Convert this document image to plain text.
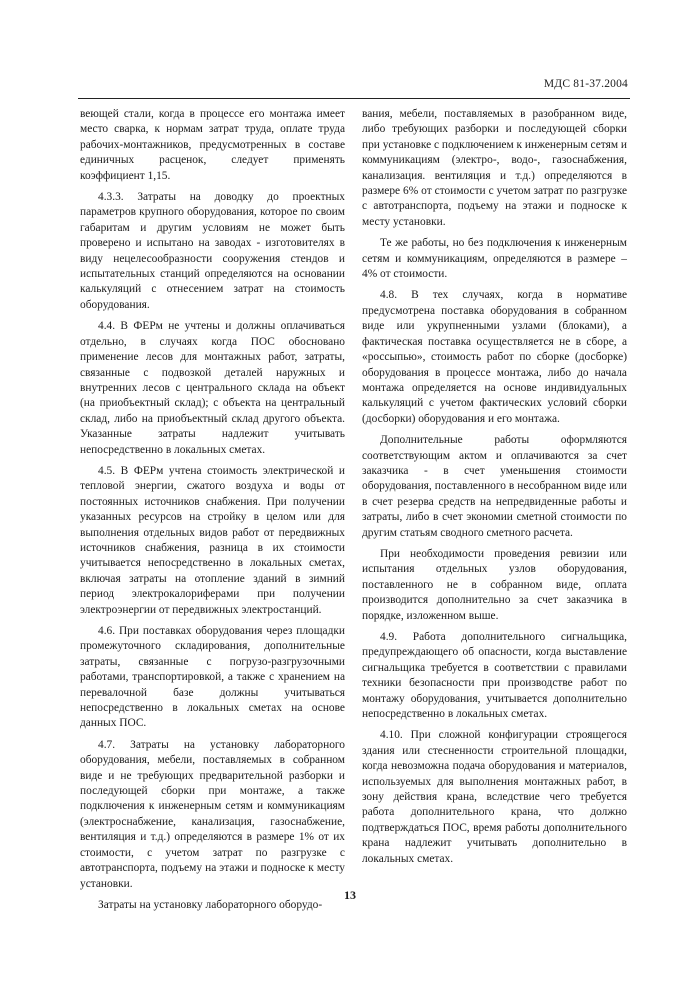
МДС 81-37.2004

веющей стали, когда в процессе его монтажа имеет место сварка, к нормам затрат труда, оплате труда рабочих-монтажников, предусмотренных в составе единичных расценок, следует применять коэффициент 1,15.

4.3.3. Затраты на доводку до проектных параметров крупного оборудования, которое по своим габаритам и другим условиям не может быть проверено и испытано на заводах - изготовителях в виду нецелесообразности сооружения стендов и испытательных станций определяются на основании калькуляций с отнесением затрат на стоимость оборудования.

4.4. В ФЕРм не учтены и должны оплачиваться отдельно, в случаях когда ПОС обосновано применение лесов для монтажных работ, затраты, связанные с подвозкой деталей наружных и внутренних лесов с центрального склада на объект (на приобъектный склад); с объекта на центральный склад, либо на приобъектный склад другого объекта. Указанные затраты надлежит учитывать непосредственно в локальных сметах.

4.5. В ФЕРм учтена стоимость электрической и тепловой энергии, сжатого воздуха и воды от постоянных источников снабжения. При получении указанных ресурсов на стройку в целом или для выполнения отдельных видов работ от передвижных источников снабжения, разница в их стоимости учитывается непосредственно в локальных сметах, включая затраты на отопление зданий в зимний период электрокалориферами при получении электроэнергии от передвижных электростанций.

4.6. При поставках оборудования через площадки промежуточного складирования, дополнительные затраты, связанные с погрузо-разгрузочными работами, транспортировкой, а также с хранением на перевалочной базе должны учитываться непосредственно в локальных сметах на основе данных ПОС.

4.7. Затраты на установку лабораторного оборудования, мебели, поставляемых в собранном виде и не требующих предварительной разборки и последующей сборки при монтаже, а также подключения к инженерным сетям и коммуникациям (электроснабжение, канализация, газоснабжение, вентиляция и т.д.) определяются в размере 1% от их стоимости, с учетом затрат по разгрузке с автотранспорта, подъему на этажи и подноске к месту установки.

Затраты на установку лабораторного оборудо-

вания, мебели, поставляемых в разобранном виде, либо требующих разборки и последующей сборки при установке с подключением к инженерным сетям и коммуникациям (электро-, водо-, газоснабжения, канализация. вентиляция и т.д.) определяются в размере 6% от стоимости с учетом затрат по разгрузке с автотранспорта, подъему на этажи и подноске к месту установки.

Те же работы, но без подключения к инженерным сетям и коммуникациям, определяются в размере – 4% от стоимости.

4.8. В тех случаях, когда в нормативе предусмотрена поставка оборудования в собранном виде или укрупненными узлами (блоками), а фактическая поставка осуществляется не в сборе, а «россыпью», стоимость работ по сборке (досборке) оборудования в процессе монтажа, либо до начала монтажа определяется на основе индивидуальных калькуляций с учетом фактических условий сборки (досборки) оборудования и его монтажа.

Дополнительные работы оформляются соответствующим актом и оплачиваются за счет заказчика - в счет уменьшения стоимости оборудования, поставленного в несобранном виде или в счет резерва средств на непредвиденные работы и затраты, либо в счет экономии сметной стоимости по другим статьям сводного сметного расчета.

При необходимости проведения ревизии или испытания отдельных узлов оборудования, поставленного не в собранном виде, оплата производится дополнительно за счет заказчика в порядке, изложенном выше.

4.9. Работа дополнительного сигнальщика, предупреждающего об опасности, когда выставление сигнальщика требуется в соответствии с правилами техники безопасности при производстве работ по монтажу оборудования, учитывается дополнительно непосредственно в локальных сметах.

4.10. При сложной конфигурации строящегося здания или стесненности строительной площадки, когда невозможна подача оборудования и материалов, используемых для выполнения монтажных работ, в зону действия крана, вследствие чего требуется работа дополнительного крана, что должно подтверждаться ПОС, время работы дополнительного крана надлежит учитывать дополнительно в локальных сметах.

13
